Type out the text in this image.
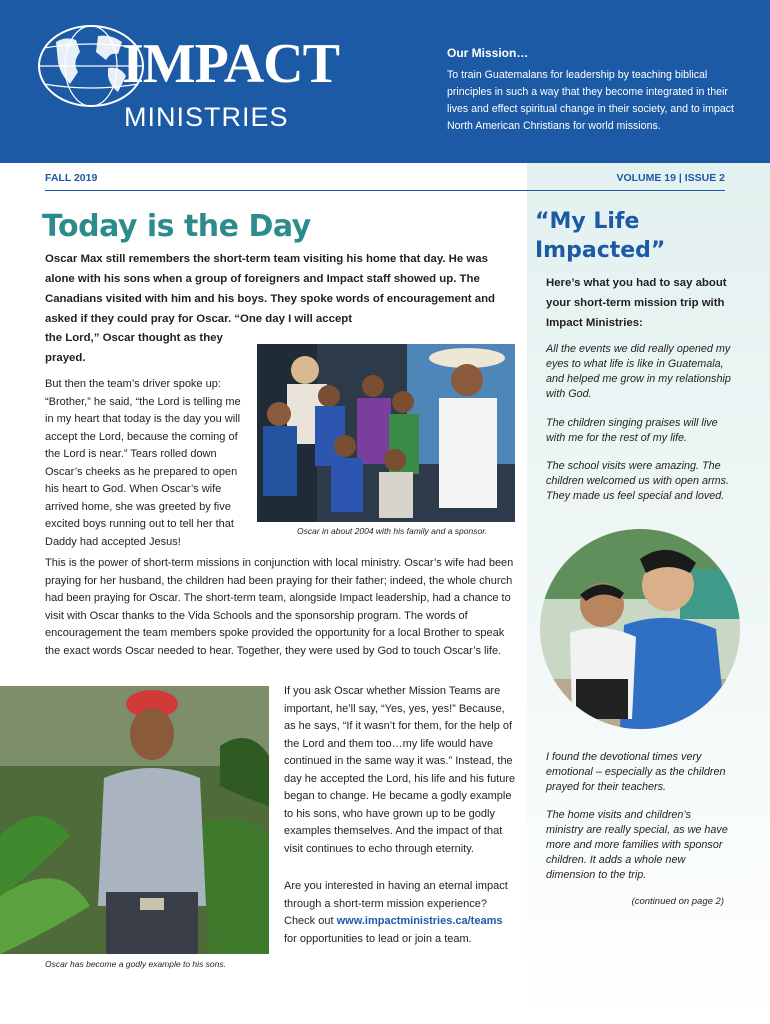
IMPACT
MINISTRIES
Our Mission…
To train Guatemalans for leadership by teaching biblical principles in such a way that they become integrated in their lives and effect spiritual change in their society, and to impact North American Christians for world missions.
FALL 2019	VOLUME 19 | ISSUE 2
Today is the Day
Oscar Max still remembers the short-term team visiting his home that day. He was alone with his sons when a group of foreigners and Impact staff showed up. The Canadians visited with him and his boys. They spoke words of encouragement and asked if they could pray for Oscar. “One day I will accept
the Lord,” Oscar thought as they prayed.
But then the team’s driver spoke up: “Brother,” he said, “the Lord is telling me in my heart that today is the day you will accept the Lord, because the coming of the Lord is near.” Tears rolled down Oscar’s cheeks as he prepared to open his heart to God. When Oscar’s wife arrived home, she was greeted by five excited boys running out to tell her that Daddy had accepted Jesus!
Oscar in about 2004 with his family and a sponsor.
This is the power of short-term missions in conjunction with local ministry. Oscar’s wife had been praying for her husband, the children had been praying for their father; indeed, the whole church had been praying for Oscar. The short-term team, alongside Impact leadership, had a chance to visit with Oscar thanks to the Vida Schools and the sponsorship program. The words of encouragement the team members spoke provided the opportunity for a local Brother to speak the exact words Oscar needed to hear. Together, they were used by God to touch Oscar’s life.
Oscar has become a godly example to his sons.
If you ask Oscar whether Mission Teams are important, he’ll say, “Yes, yes, yes!” Because, as he says, “If it wasn’t for them, for the help of the Lord and them too…my life would have continued in the same way it was.” Instead, the day he accepted the Lord, his life and his future began to change. He became a godly example to his sons, who have grown up to be godly examples themselves. And the impact of that visit continues to echo through eternity.
Are you interested in having an eternal impact through a short-term mission experience? Check out www.impactministries.ca/teams for opportunities to lead or join a team.
“My Life Impacted”
Here’s what you had to say about your short-term mission trip with Impact Ministries:
All the events we did really opened my eyes to what life is like in Guatemala, and helped me grow in my relationship with God.
The children singing praises will live with me for the rest of my life.
The school visits were amazing. The children welcomed us with open arms. They made us feel special and loved.
I found the devotional times very emotional – especially as the children prayed for their teachers.
The home visits and children’s ministry are really special, as we have more and more families with sponsor children. It adds a whole new dimension to the trip.
(continued on page 2)
